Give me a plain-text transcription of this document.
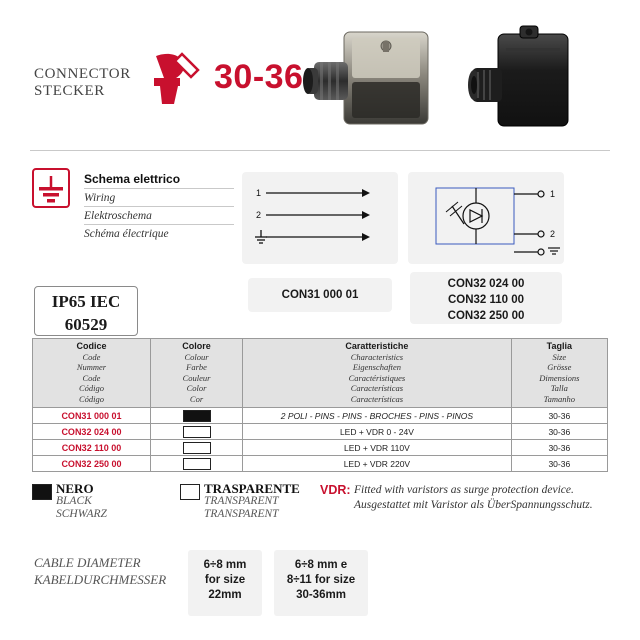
CONNECTOR
STECKER	30-36
Schema elettrico
Wiring
Elektroschema
Schéma électrique
1
2
1
2
CON31 000 01
CON32 024 00
CON32 110 00
CON32 250 00
IP65 IEC
60529
Codice
Code
Nummer
Code
Código
Código
	Colore
Colour
Farbe
Couleur
Color
Cor
	Caratteristiche
Characteristics
Eigenschaften
Caractéristiques
Características
Características
	Taglia
Size
Grösse
Dimensions
Talla
Tamanho

CON31 000 01		2 POLI - PINS - PINS - BROCHES - PINS - PINOS	30-36
CON32 024 00		LED + VDR 0 - 24V	30-36
CON32 110 00		LED + VDR 110V	30-36
CON32 250 00		LED + VDR 220V	30-36
NERO
BLACK
SCHWARZ
TRASPARENTE
TRANSPARENT
TRANSPARENT
VDR: Fitted with varistors as surge protection device.
Ausgestattet mit Varistor als ÜberSpannungsschutz.
CABLE DIAMETER
KABELDURCHMESSER
6÷8 mm
for size
22mm
6÷8 mm e
8÷11 for size
30-36mm
